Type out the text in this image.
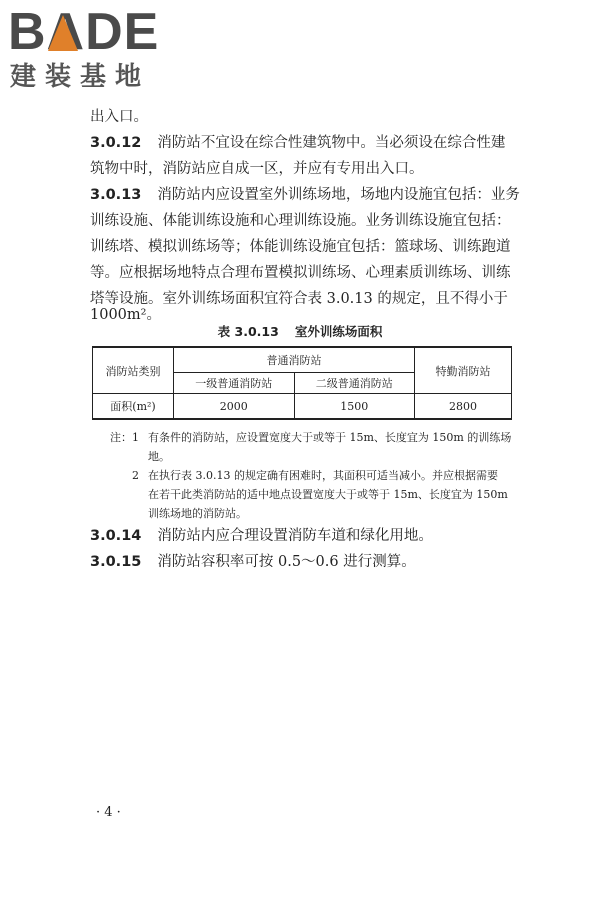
BADE
建装基地
出入口。
3.0.12 消防站不宜设在综合性建筑物中。当必须设在综合性建
筑物中时，消防站应自成一区，并应有专用出入口。
3.0.13 消防站内应设置室外训练场地，场地内设施宜包括：业务
训练设施、体能训练设施和心理训练设施。业务训练设施宜包括：
训练塔、模拟训练场等；体能训练设施宜包括：篮球场、训练跑道
等。应根据场地特点合理布置模拟训练场、心理素质训练场、训练
塔等设施。室外训练场面积宜符合表 3.0.13 的规定，且不得小于
1000m²。
表 3.0.13 室外训练场面积
消防站类别	普通消防站		特勤消防站
	一级普通消防站	二级普通消防站	
面积(m²)	2000	1500	2800
注：1 有条件的消防站，应设置宽度大于或等于 15m、长度宜为 150m 的训练场
地。
2 在执行表 3.0.13 的规定确有困难时，其面积可适当减小。并应根据需要
在若干此类消防站的适中地点设置宽度大于或等于 15m、长度宜为 150m
训练场地的消防站。
3.0.14 消防站内应合理设置消防车道和绿化用地。
3.0.15 消防站容积率可按 0.5～0.6 进行测算。
· 4 ·
